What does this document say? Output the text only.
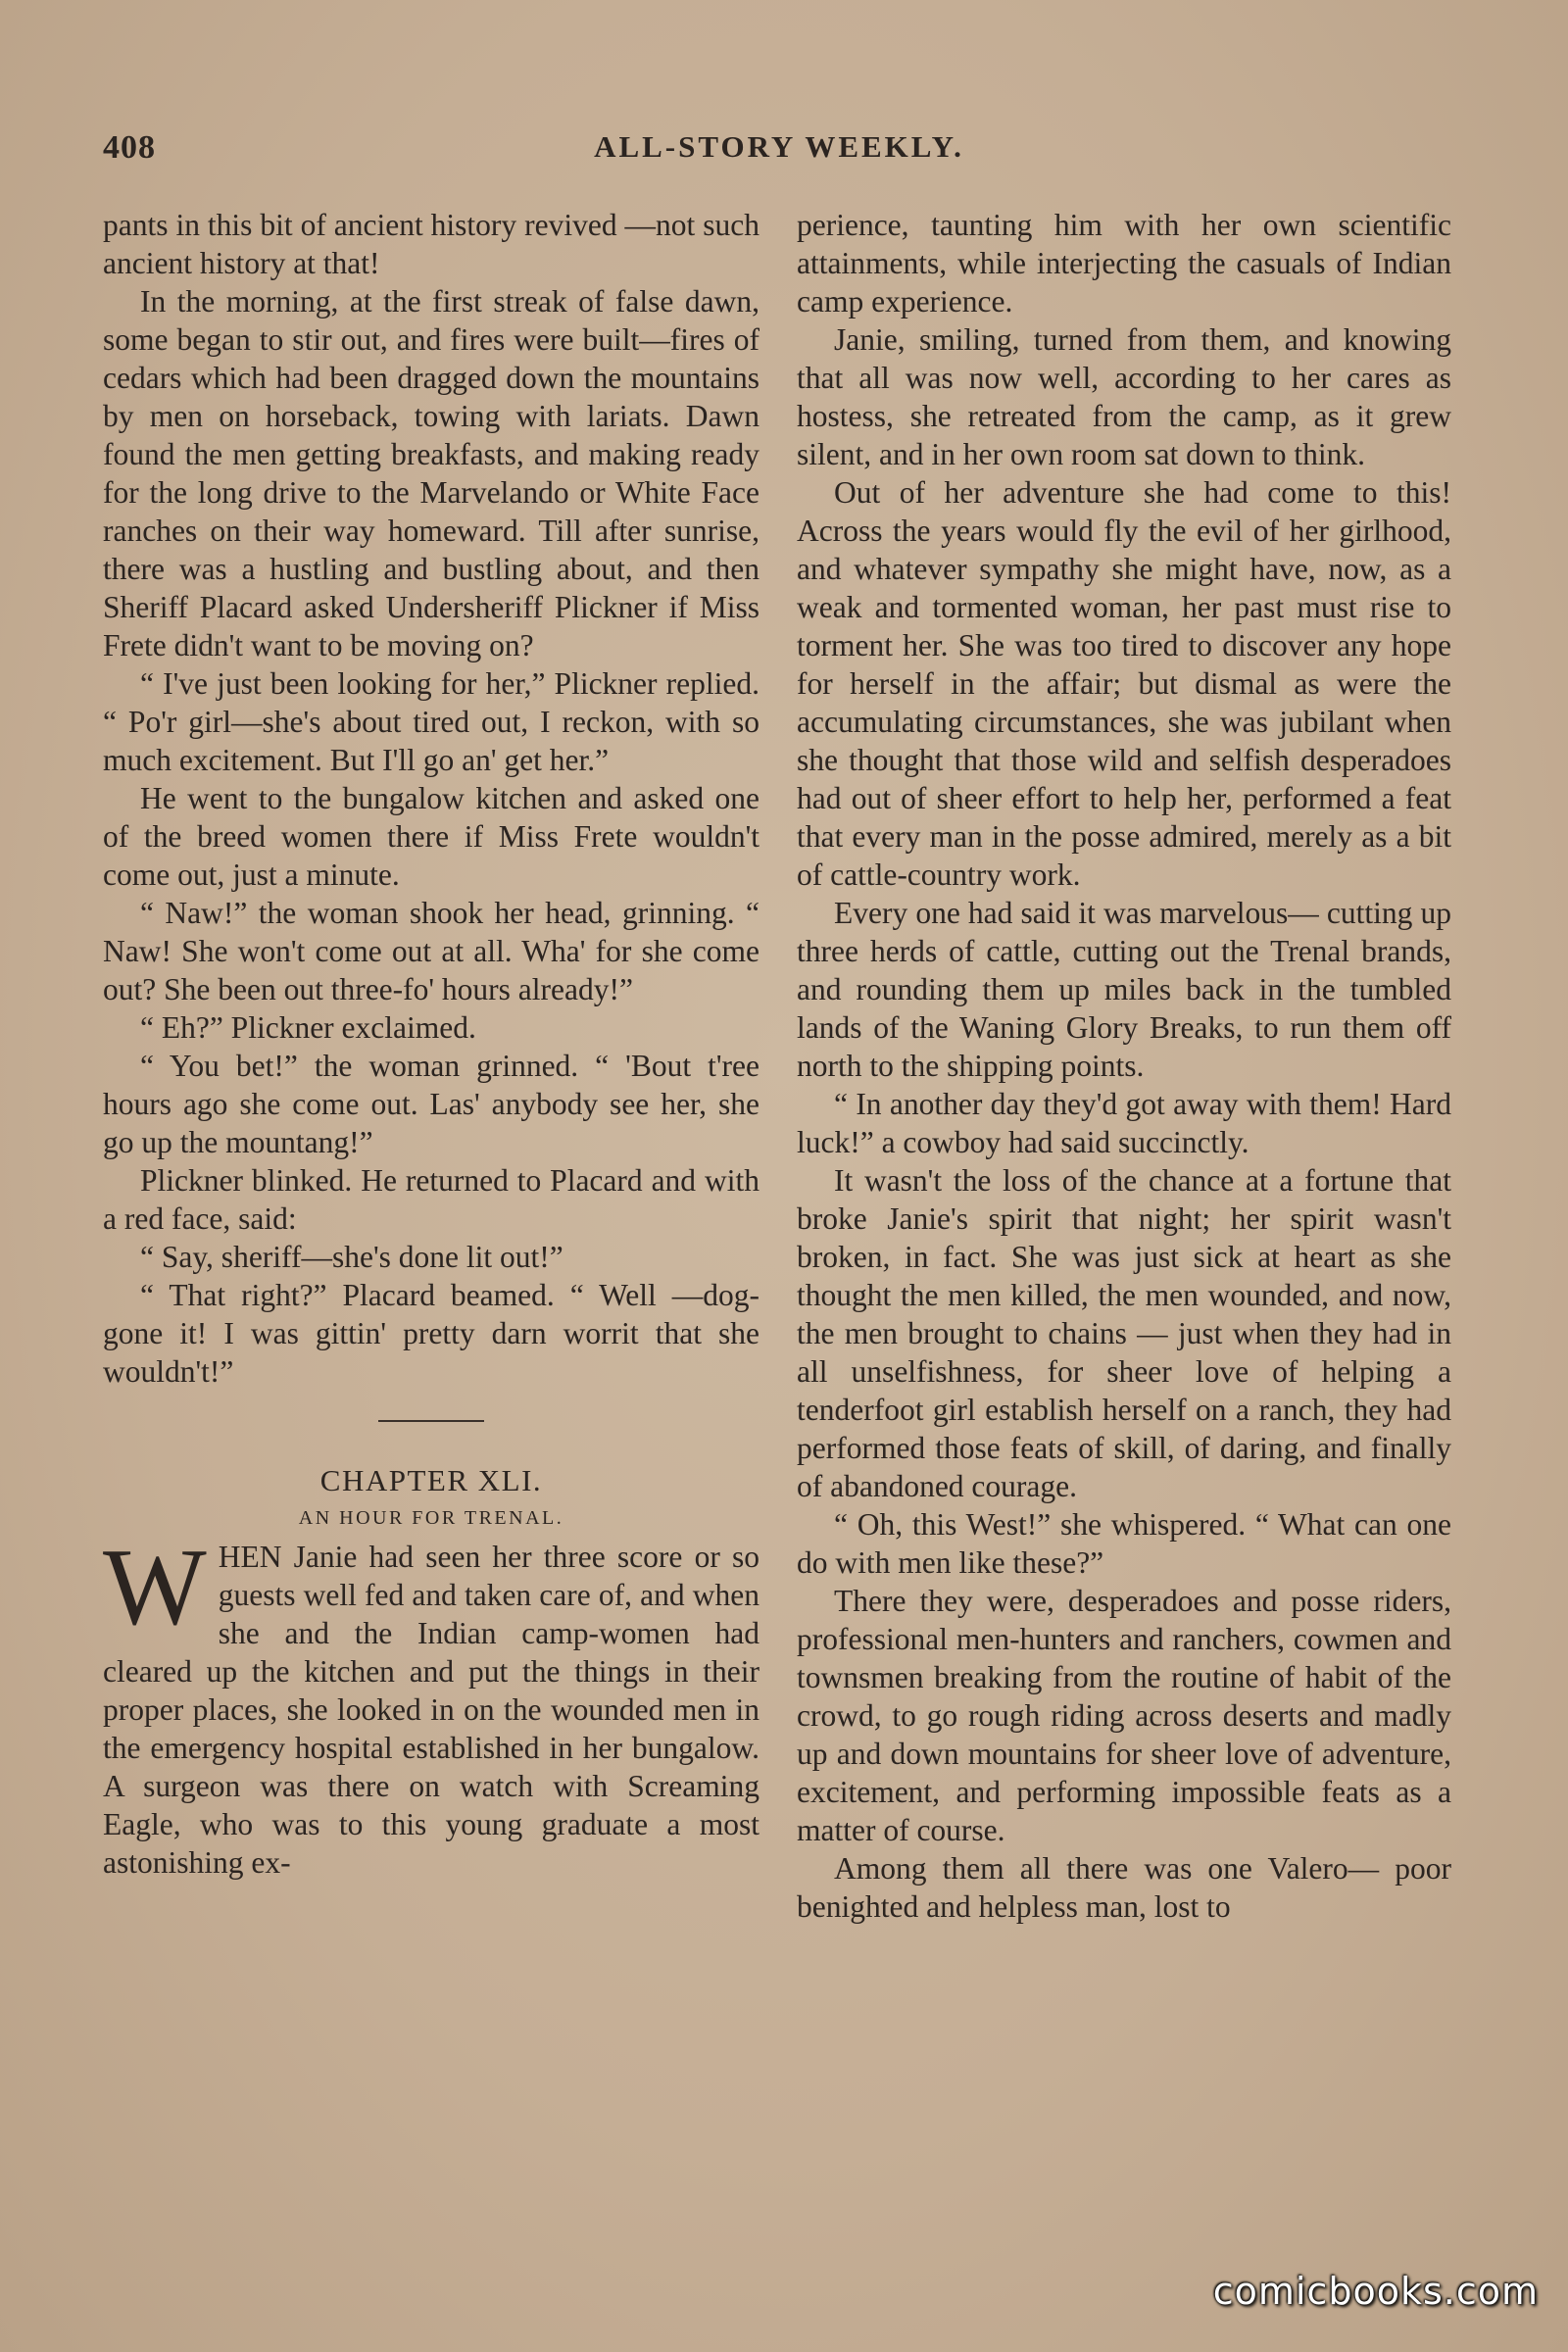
408	ALL-STORY WEEKLY.

pants in this bit of ancient history revived —not such ancient history at that!

In the morning, at the first streak of false dawn, some began to stir out, and fires were built—fires of cedars which had been dragged down the mountains by men on horseback, towing with lariats. Dawn found the men getting breakfasts, and making ready for the long drive to the Marvelando or White Face ranches on their way homeward. Till after sunrise, there was a hustling and bustling about, and then Sheriff Placard asked Undersheriff Plickner if Miss Frete didn't want to be moving on?

“ I've just been looking for her,” Plickner replied. “ Po'r girl—she's about tired out, I reckon, with so much excitement. But I'll go an' get her.”

He went to the bungalow kitchen and asked one of the breed women there if Miss Frete wouldn't come out, just a minute.

“ Naw!” the woman shook her head, grinning. “ Naw! She won't come out at all. Wha' for she come out? She been out three-fo' hours already!”

“ Eh?” Plickner exclaimed.

“ You bet!” the woman grinned. “ 'Bout t'ree hours ago she come out. Las' anybody see her, she go up the mountang!”

Plickner blinked. He returned to Placard and with a red face, said:

“ Say, sheriff—she's done lit out!”

“ That right?” Placard beamed. “ Well —dog-gone it! I was gittin' pretty darn worrit that she wouldn't!”

CHAPTER XLI.

AN HOUR FOR TRENAL.

WHEN Janie had seen her three score or so guests well fed and taken care of, and when she and the Indian camp-women had cleared up the kitchen and put the things in their proper places, she looked in on the wounded men in the emergency hospital established in her bungalow. A surgeon was there on watch with Screaming Eagle, who was to this young graduate a most astonishing ex-

perience, taunting him with her own scientific attainments, while interjecting the casuals of Indian camp experience.

Janie, smiling, turned from them, and knowing that all was now well, according to her cares as hostess, she retreated from the camp, as it grew silent, and in her own room sat down to think.

Out of her adventure she had come to this! Across the years would fly the evil of her girlhood, and whatever sympathy she might have, now, as a weak and tormented woman, her past must rise to torment her. She was too tired to discover any hope for herself in the affair; but dismal as were the accumulating circumstances, she was jubilant when she thought that those wild and selfish desperadoes had out of sheer effort to help her, performed a feat that every man in the posse admired, merely as a bit of cattle-country work.

Every one had said it was marvelous— cutting up three herds of cattle, cutting out the Trenal brands, and rounding them up miles back in the tumbled lands of the Waning Glory Breaks, to run them off north to the shipping points.

“ In another day they'd got away with them! Hard luck!” a cowboy had said succinctly.

It wasn't the loss of the chance at a fortune that broke Janie's spirit that night; her spirit wasn't broken, in fact. She was just sick at heart as she thought the men killed, the men wounded, and now, the men brought to chains — just when they had in all unselfishness, for sheer love of helping a tenderfoot girl establish herself on a ranch, they had performed those feats of skill, of daring, and finally of abandoned courage.

“ Oh, this West!” she whispered. “ What can one do with men like these?”

There they were, desperadoes and posse riders, professional men-hunters and ranchers, cowmen and townsmen breaking from the routine of habit of the crowd, to go rough riding across deserts and madly up and down mountains for sheer love of adventure, excitement, and performing impossible feats as a matter of course.

Among them all there was one Valero— poor benighted and helpless man, lost to

comicbooks.com
